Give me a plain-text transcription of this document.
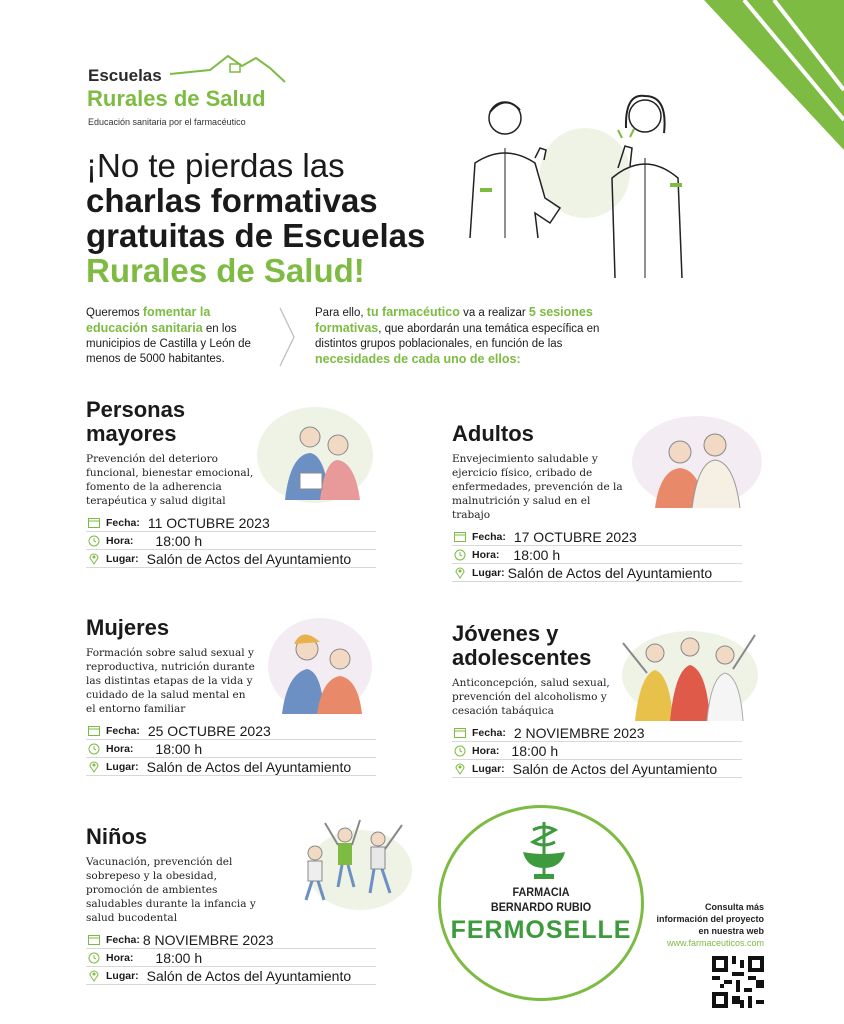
Escuelas
Rurales de Salud
Educación sanitaria por el farmacéutico
¡No te pierdas las
charlas formativas
gratuitas de Escuelas
Rurales de Salud!
Queremos fomentar la educación sanitaria en los municipios de Castilla y León de menos de 5000 habitantes.
Para ello, tu farmacéutico va a realizar 5 sesiones formativas, que abordarán una temática específica en distintos grupos poblacionales, en función de las necesidades de cada uno de ellos:
Personas
mayores
Prevención del deterioro funcional, bienestar emocional, fomento de la adherencia terapéutica y salud digital
Fecha: 11 OCTUBRE 2023
Hora: 18:00 h
Lugar: Salón de Actos del Ayuntamiento
Adultos
Envejecimiento saludable y ejercicio físico, cribado de enfermedades, prevención de la malnutrición y salud en el trabajo
Fecha: 17 OCTUBRE 2023
Hora: 18:00 h
Lugar: Salón de Actos del Ayuntamiento
Mujeres
Formación sobre salud sexual y reproductiva, nutrición durante las distintas etapas de la vida y cuidado de la salud mental en el entorno familiar
Fecha: 25 OCTUBRE 2023
Hora: 18:00 h
Lugar: Salón de Actos del Ayuntamiento
Jóvenes y
adolescentes
Anticoncepción, salud sexual, prevención del alcoholismo y cesación tabáquica
Fecha: 2 NOVIEMBRE 2023
Hora: 18:00 h
Lugar: Salón de Actos del Ayuntamiento
Niños
Vacunación, prevención del sobrepeso y la obesidad, promoción de ambientes saludables durante la infancia y salud bucodental
Fecha: 8 NOVIEMBRE 2023
Hora: 18:00 h
Lugar: Salón de Actos del Ayuntamiento
FARMACIA
BERNARDO RUBIO
FERMOSELLE
Consulta más
información del proyecto
en nuestra web
www.farmaceuticos.com
